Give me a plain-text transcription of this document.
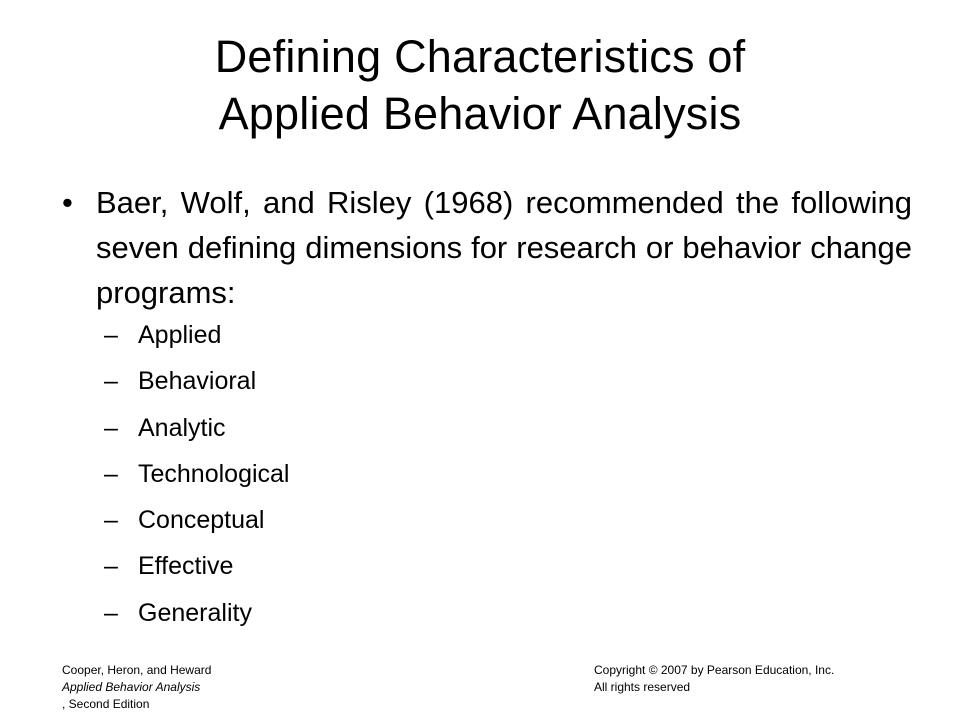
Defining Characteristics of
Applied Behavior Analysis
• Baer, Wolf, and Risley (1968) recommended the following seven defining dimensions for research or behavior change programs:
– Applied
– Behavioral
– Analytic
– Technological
– Conceptual
– Effective
– Generality
Cooper, Heron, and Heward
Applied Behavior Analysis
, Second Edition
Copyright © 2007 by Pearson Education, Inc.
All rights reserved
